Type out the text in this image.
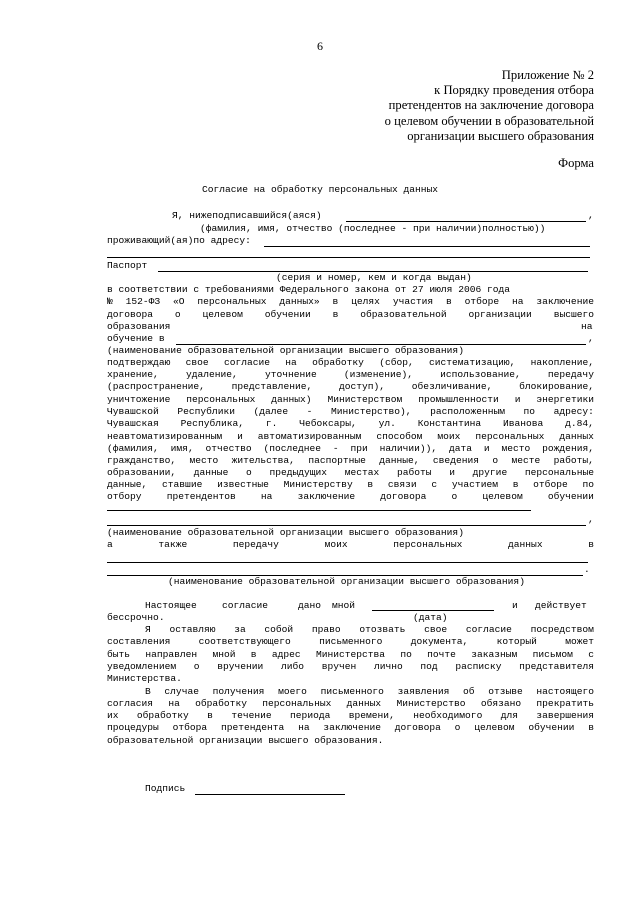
6
Приложение № 2
к Порядку проведения отбора
претендентов на заключение договора
о целевом обучении в образовательной
организации высшего образования
Форма
Согласие на обработку персональных данных

Я, нижеподписавшийся(аяся)

	,

(фамилия, имя, отчество (последнее - при наличии)полностью))

проживающий(ая)по адресу:

Паспорт

(серия и номер, кем и когда выдан)

в соответствии с требованиями Федерального закона от 27 июля 2006 года

№ 152-ФЗ «О персональных данных» в целях участия в отборе на заключение
договора о целевом обучении в образовательной организации высшего

образования

	на

обучение в

	,

(наименование образовательной организации высшего образования)

подтверждаю свое согласие на обработку (сбор, систематизацию, накопление,
хранение,	удаление,	уточнение	(изменение),	использование,	передачу
(распространение,	представление,	доступ),	обезличивание,	блокирование,
уничтожение персональных данных) Министерством промышленности и энергетики
Чувашской Республики (далее - Министерство), расположенным по адресу:
Чувашская Республика, г. Чебоксары, ул. Константина Иванова д.84,
неавтоматизированным и автоматизированным способом моих персональных данных
(фамилия, имя, отчество (последнее - при наличии)), дата и место рождения,
гражданство, место жительства, паспортные данные, сведения о месте работы,
образовании, данные о предыдущих местах работы и другие персональные
данные, ставшие известные Министерству в связи с участием в отборе по
отбору	претендентов	на	заключение	договора	о	целевом	обучении

,

(наименование образовательной организации высшего образования)

а	также	передачу	моих	персональных	данных	в

.

(наименование образовательной организации высшего образования)

Настоящее

	согласие

	дано

мной

	и

действует

бессрочно.

	(дата)

Я оставляю за собой право отозвать свое согласие посредством
составления	соответствующего	письменного	документа,	который	может
быть направлен мной в адрес Министерства по почте заказным письмом с
уведомлением о вручении либо вручен лично под расписку представителя

Министерства.

В случае получения моего письменного заявления об отзыве настоящего
согласия на обработку персональных данных Министерство обязано прекратить
их обработку в течение периода времени, необходимого для завершения
процедуры отбора претендента на заключение договора о целевом обучении в

образовательной организации высшего образования.

Подпись
